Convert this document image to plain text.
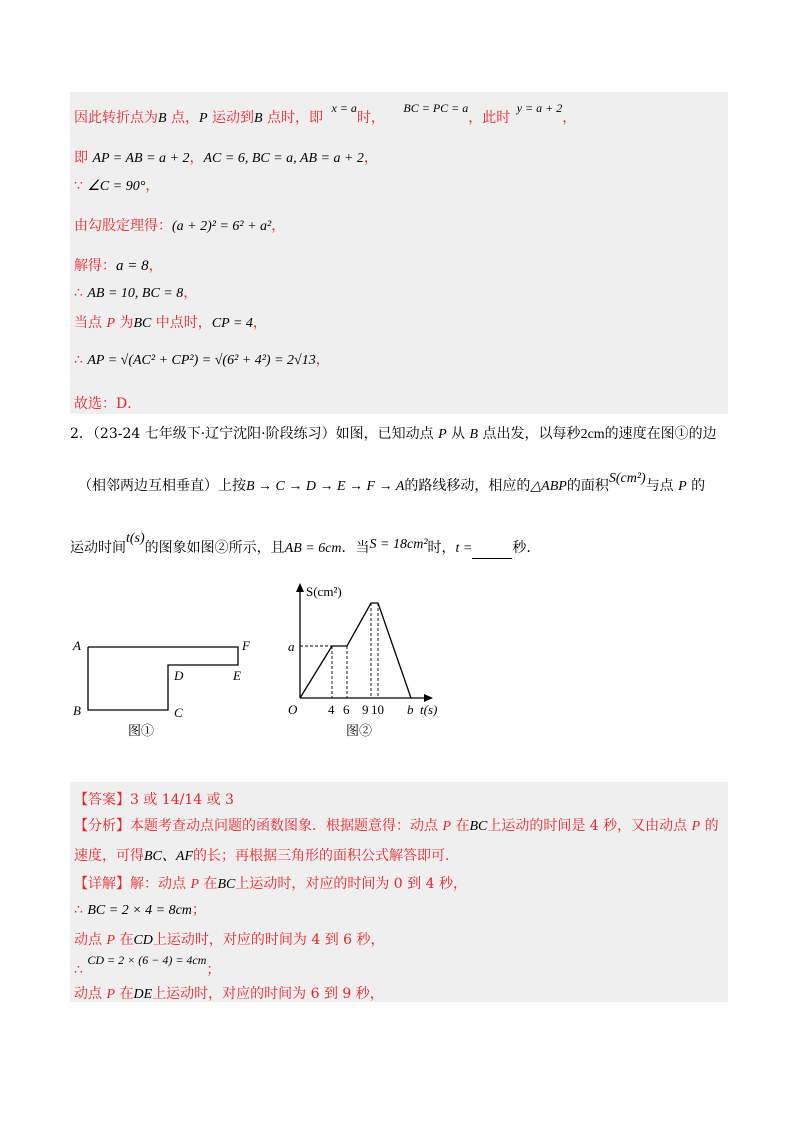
因此转折点为B 点，P 运动到B 点时，即 x = a时， BC = PC = a，此时 y = a + 2，
即 AP = AB = a + 2，AC = 6, BC = a, AB = a + 2，
∵ ∠C = 90°，
由勾股定理得：(a + 2)² = 6² + a²，
解得：a = 8，
∴ AB = 10, BC = 8，
当点 P 为BC 中点时，CP = 4，
∴ AP = √(AC² + CP²) = √(6² + 4²) = 2√13，
故选：D．
2．（23-24 七年级下·辽宁沈阳·阶段练习）如图，已知动点 P 从 B 点出发，以每秒2cm的速度在图①的边
（相邻两边互相垂直）上按B → C → D → E → F → A的路线移动，相应的△ABP的面积S(cm²)与点 P 的
运动时间t(s)的图象如图②所示，且AB = 6cm．当S = 18cm²时，t =	秒.
A
B	C
D	E
F
图①
S(cm²)
a
O 4 6 9 10 b t(s)
图②
【答案】3 或 14/14 或 3
【分析】本题考查动点问题的函数图象．根据题意得：动点 P 在BC上运动的时间是 4 秒，又由动点 P 的
速度，可得BC、AF的长；再根据三角形的面积公式解答即可.
【详解】解：动点 P 在BC上运动时，对应的时间为 0 到 4 秒，
∴ BC = 2 × 4 = 8cm；
动点 P 在CD上运动时，对应的时间为 4 到 6 秒，
∴ CD = 2 × (6 − 4) = 4cm；
动点 P 在DE上运动时，对应的时间为 6 到 9 秒，
